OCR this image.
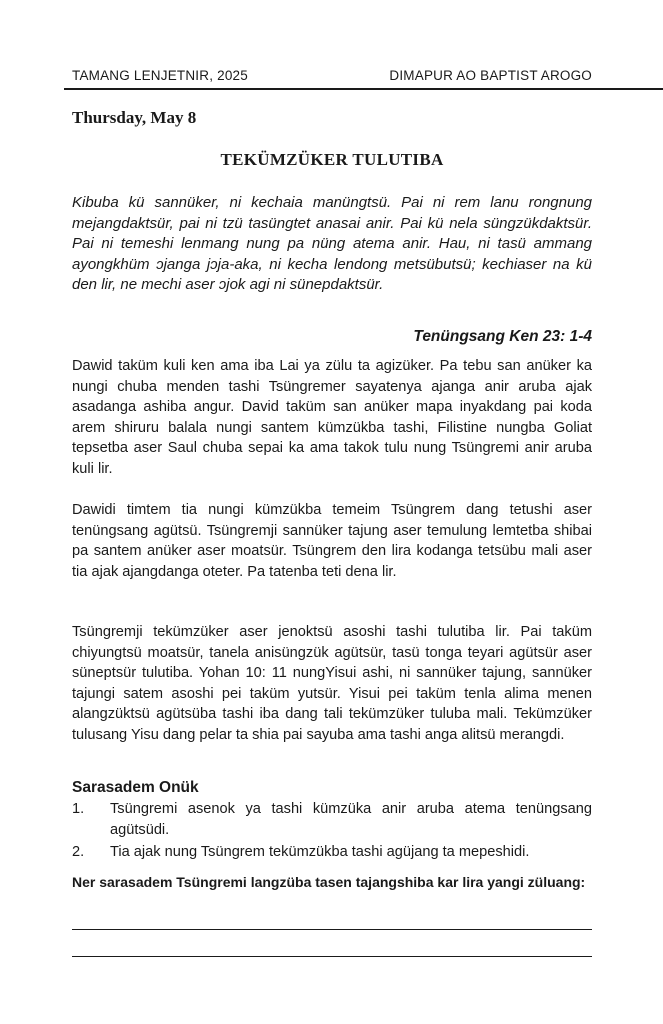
TAMANG LENJETNIR, 2025	DIMAPUR AO BAPTIST AROGO
Thursday, May 8
TEKÜMZÜKER TULUTIBA

Kibuba kü sannüker, ni kechaia manüngtsü. Pai ni rem lanu rongnung mejangdaktsür, pai ni tzü tasüngtet anasai anir. Pai kü nela süngzükdaktsür. Pai ni temeshi lenmang nung pa nüng atema anir. Hau, ni tasü ammang ayongkhüm ɔjanga jɔja-aka, ni kecha lendong metsübutsü; kechiaser na kü den lir, ne mechi aser ɔjok agi ni sünepdaktsür.

Tenüngsang Ken 23: 1-4

Dawid taküm kuli ken ama iba Lai ya zülu ta agizüker. Pa tebu san anüker ka nungi chuba menden tashi Tsüngremer sayatenya ajanga anir aruba ajak asadanga ashiba angur. David taküm san anüker mapa inyakdang pai koda arem shiruru balala nungi santem kümzükba tashi, Filistine nungba Goliat tepsetba aser Saul chuba sepai ka ama takok tulu nung Tsüngremi anir aruba kuli lir.

Dawidi timtem tia nungi kümzükba temeim Tsüngrem dang tetushi aser tenüngsang agütsü. Tsüngremji sannüker tajung aser temulung lemtetba shibai pa santem anüker aser moatsür. Tsüngrem den lira kodanga tetsübu mali aser tia ajak ajangdanga oteter. Pa tatenba teti dena lir.

Tsüngremji tekümzüker aser jenoktsü asoshi tashi tulutiba lir. Pai taküm chiyungtsü moatsür, tanela anisüngzük agütsür, tasü tonga teyari agütsür aser süneptsür tulutiba. Yohan 10: 11 nungYisui ashi, ni sannüker tajung, sannüker tajungi satem asoshi pei taküm yutsür. Yisui pei taküm tenla alima menen alangzüktsü agütsüba tashi iba dang tali tekümzüker tuluba mali. Tekümzüker tulusang Yisu dang pelar ta shia pai sayuba ama tashi anga alitsü merangdi.

Sarasadem Onük
1.	Tsüngremi asenok ya tashi kümzüka anir aruba atema tenüngsang agütsüdi.
2.	Tia ajak nung Tsüngrem tekümzükba tashi agüjang ta mepeshidi.

Ner sarasadem Tsüngremi langzüba tasen tajangshiba kar lira yangi züluang:
